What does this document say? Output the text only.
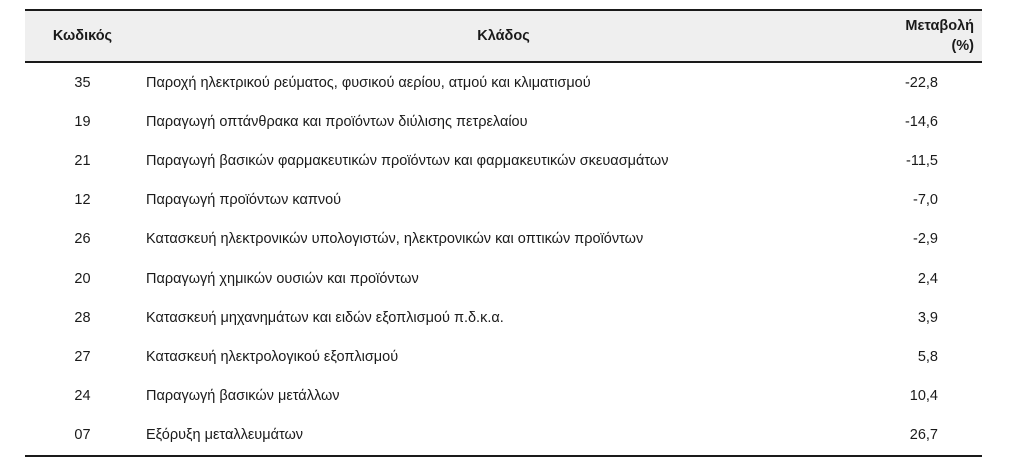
Κωδικός	Κλάδος	Μεταβολή
(%)

35	Παροχή ηλεκτρικού ρεύματος, φυσικού αερίου, ατμού και κλιματισμού	-22,8
19	Παραγωγή οπτάνθρακα και προϊόντων διύλισης πετρελαίου	-14,6
21	Παραγωγή βασικών φαρμακευτικών προϊόντων και φαρμακευτικών σκευασμάτων	-11,5
12	Παραγωγή προϊόντων καπνού	-7,0
26	Κατασκευή ηλεκτρονικών υπολογιστών, ηλεκτρονικών και οπτικών προϊόντων	-2,9
20	Παραγωγή χημικών ουσιών και προϊόντων	2,4
28	Κατασκευή μηχανημάτων και ειδών εξοπλισμού π.δ.κ.α.	3,9
27	Κατασκευή ηλεκτρολογικού εξοπλισμού	5,8
24	Παραγωγή βασικών μετάλλων	10,4
07	Εξόρυξη μεταλλευμάτων	26,7
